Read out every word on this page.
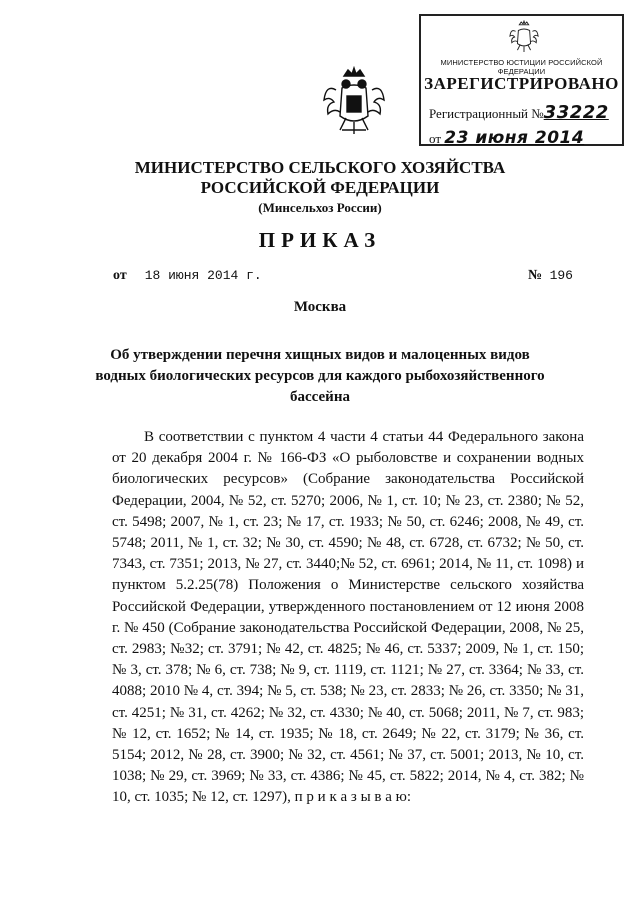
МИНИСТЕРСТВО ЮСТИЦИИ РОССИЙСКОЙ ФЕДЕРАЦИИ
ЗАРЕГИСТРИРОВАНО
Регистрационный №33222
от 23 июня 2014
МИНИСТЕРСТВО СЕЛЬСКОГО ХОЗЯЙСТВА
РОССИЙСКОЙ ФЕДЕРАЦИИ
(Минсельхоз России)
ПРИКАЗ
от 18 июня 2014 г.	№ 196
Москва
Об утверждении перечня хищных видов и малоценных видов водных биологических ресурсов для каждого рыбохозяйственного бассейна

В соответствии с пунктом 4 части 4 статьи 44 Федерального закона от 20 декабря 2004 г. № 166-ФЗ «О рыболовстве и сохранении водных биологических ресурсов» (Собрание законодательства Российской Федерации, 2004, № 52, ст. 5270; 2006, № 1, ст. 10; № 23, ст. 2380; № 52, ст. 5498; 2007, № 1, ст. 23; № 17, ст. 1933; № 50, ст. 6246; 2008, № 49, ст. 5748; 2011, № 1, ст. 32; № 30, ст. 4590; № 48, ст. 6728, ст. 6732; № 50, ст. 7343, ст. 7351; 2013, № 27, ст. 3440;№ 52, ст. 6961; 2014, № 11, ст. 1098) и пунктом 5.2.25(78) Положения о Министерстве сельского хозяйства Российской Федерации, утвержденного постановлением от 12 июня 2008 г. № 450 (Собрание законодательства Российской Федерации, 2008, № 25, ст. 2983; №32; ст. 3791; № 42, ст. 4825; № 46, ст. 5337; 2009, № 1, ст. 150; № 3, ст. 378; № 6, ст. 738; № 9, ст. 1119, ст. 1121; № 27, ст. 3364; № 33, ст. 4088; 2010 № 4, ст. 394; № 5, ст. 538; № 23, ст. 2833; № 26, ст. 3350; № 31, ст. 4251; № 31, ст. 4262; № 32, ст. 4330; № 40, ст. 5068; 2011, № 7, ст. 983; № 12, ст. 1652; № 14, ст. 1935; № 18, ст. 2649; № 22, ст. 3179; № 36, ст. 5154; 2012, № 28, ст. 3900; № 32, ст. 4561; № 37, ст. 5001; 2013, № 10, ст. 1038; № 29, ст. 3969; № 33, ст. 4386; № 45, ст. 5822; 2014, № 4, ст. 382; № 10, ст. 1035; № 12, ст. 1297), п р и к а з ы в а ю:
